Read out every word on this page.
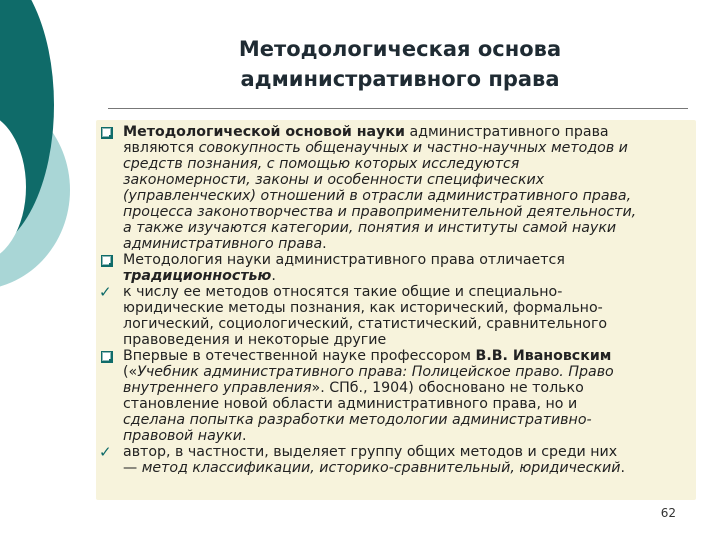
Методологическая основа
административного права
Методологической основой науки административного права
являются совокупность общенаучных и частно-научных методов и
средств познания, с помощью которых исследуются
закономерности, законы и особенности специфических
(управленческих) отношений в отрасли административного права,
процесса законотворчества и правоприменительной деятельности,
а также изучаются категории, понятия и институты самой науки
административного права.
Методология науки административного права отличается
традиционностью.
✓ к числу ее методов относятся такие общие и специально-
юридические методы познания, как исторический, формально-
логический, социологический, статистический, сравнительного
правоведения и некоторые другие
Впервые в отечественной науке профессором В.В. Ивановским
(«Учебник административного права: Полицейское право. Право
внутреннего управления». СПб., 1904) обосновано не только
становление новой области административного права, но и
сделана попытка разработки методологии административно-
правовой науки.
✓ автор, в частности, выделяет группу общих методов и среди них
— метод классификации, историко-сравнительный, юридический.
62
